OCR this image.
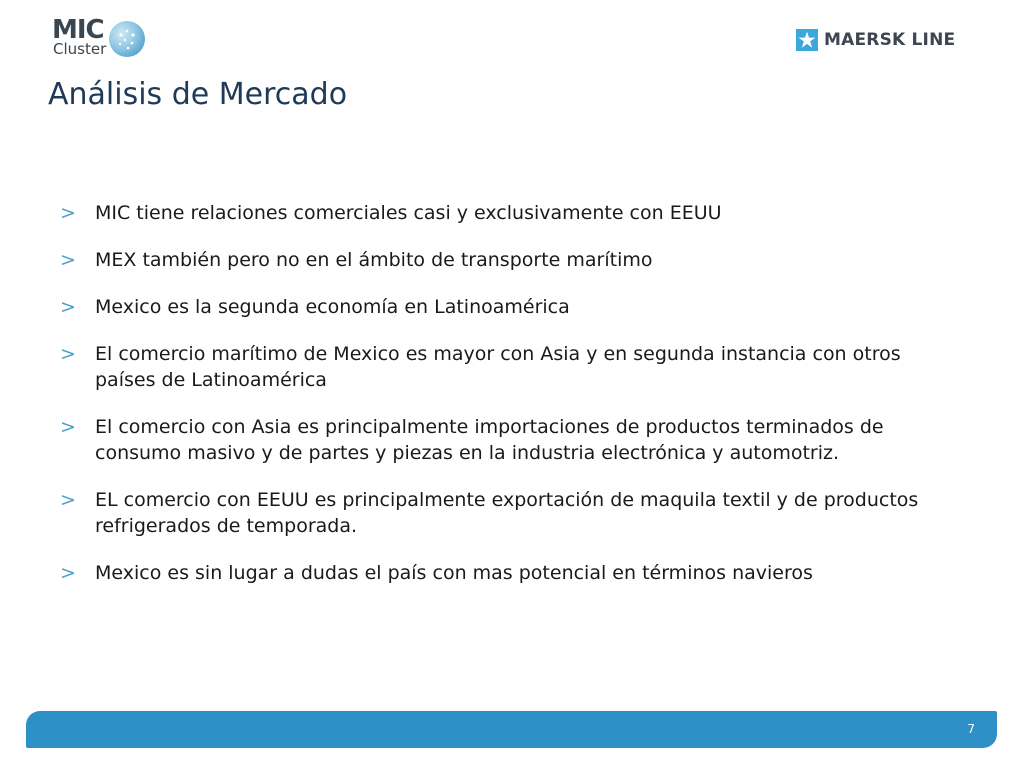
MIC
Cluster	MAERSK LINE
Análisis de Mercado
> MIC tiene relaciones comerciales casi y exclusivamente con EEUU
> MEX también pero no en el ámbito de transporte marítimo
> Mexico es la segunda economía en Latinoamérica
> El comercio marítimo de Mexico es mayor con Asia y en segunda instancia con otros países de Latinoamérica
> El comercio con Asia es principalmente importaciones de productos terminados de consumo masivo y de partes y piezas en la industria electrónica y automotriz.
> EL comercio con EEUU es principalmente exportación de maquila textil y de productos refrigerados de temporada.
> Mexico es sin lugar a dudas el país con mas potencial en términos navieros
7
